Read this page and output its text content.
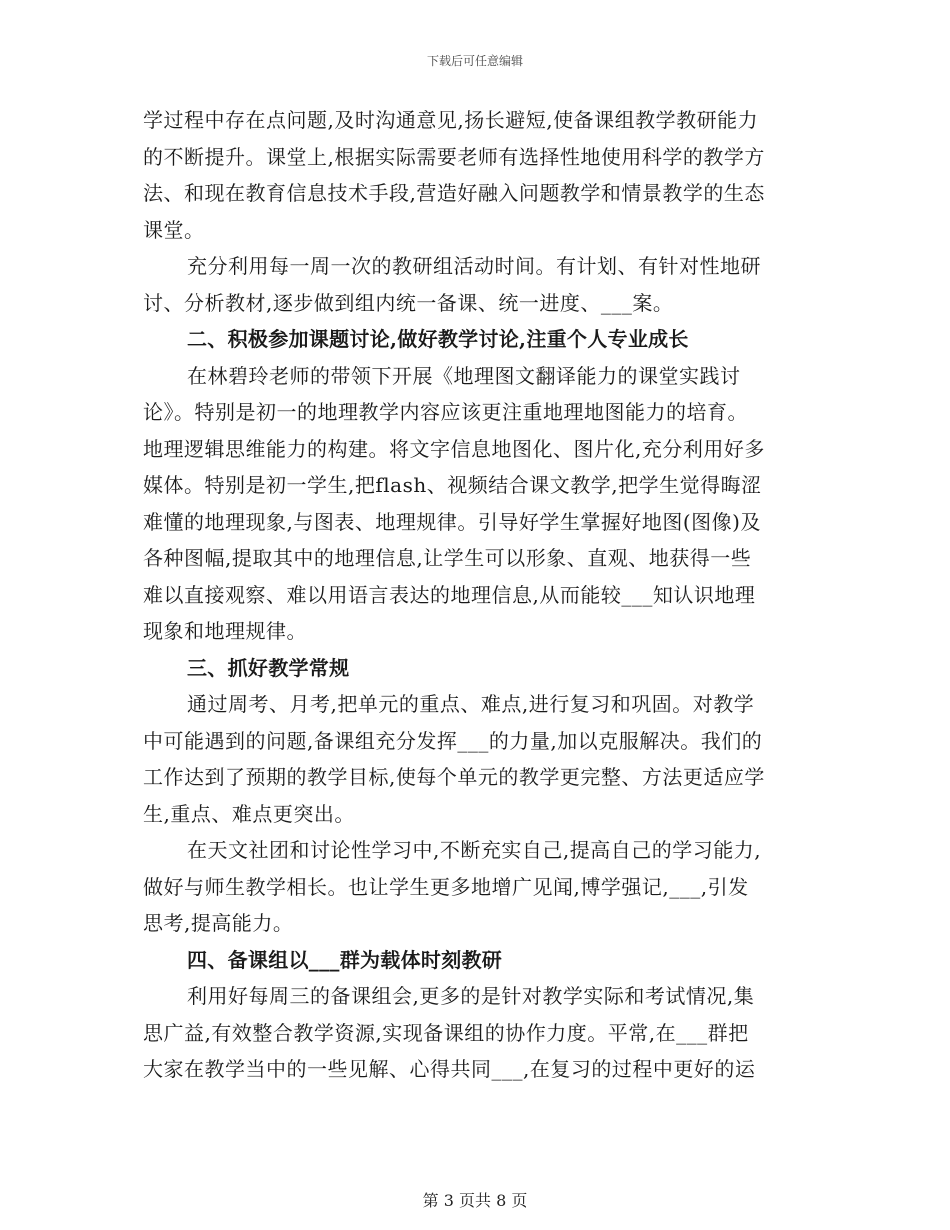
下载后可任意编辑
学过程中存在点问题,及时沟通意见,扬长避短,使备课组教学教研能力
的不断提升。课堂上,根据实际需要老师有选择性地使用科学的教学方
法、和现在教育信息技术手段,营造好融入问题教学和情景教学的生态
课堂。
充分利用每一周一次的教研组活动时间。有计划、有针对性地研
讨、分析教材,逐步做到组内统一备课、统一进度、___案。
二、积极参加课题讨论,做好教学讨论,注重个人专业成长
在林碧玲老师的带领下开展《地理图文翻译能力的课堂实践讨
论》。特别是初一的地理教学内容应该更注重地理地图能力的培育。
地理逻辑思维能力的构建。将文字信息地图化、图片化,充分利用好多
媒体。特别是初一学生,把flash、视频结合课文教学,把学生觉得晦涩
难懂的地理现象,与图表、地理规律。引导好学生掌握好地图(图像)及
各种图幅,提取其中的地理信息,让学生可以形象、直观、地获得一些
难以直接观察、难以用语言表达的地理信息,从而能较___知认识地理
现象和地理规律。
三、抓好教学常规
通过周考、月考,把单元的重点、难点,进行复习和巩固。对教学
中可能遇到的问题,备课组充分发挥___的力量,加以克服解决。我们的
工作达到了预期的教学目标,使每个单元的教学更完整、方法更适应学
生,重点、难点更突出。
在天文社团和讨论性学习中,不断充实自己,提高自己的学习能力,
做好与师生教学相长。也让学生更多地增广见闻,博学强记,___,引发
思考,提高能力。
四、备课组以___群为载体时刻教研
利用好每周三的备课组会,更多的是针对教学实际和考试情况,集
思广益,有效整合教学资源,实现备课组的协作力度。平常,在___群把
大家在教学当中的一些见解、心得共同___,在复习的过程中更好的运
第 3 页共 8 页
